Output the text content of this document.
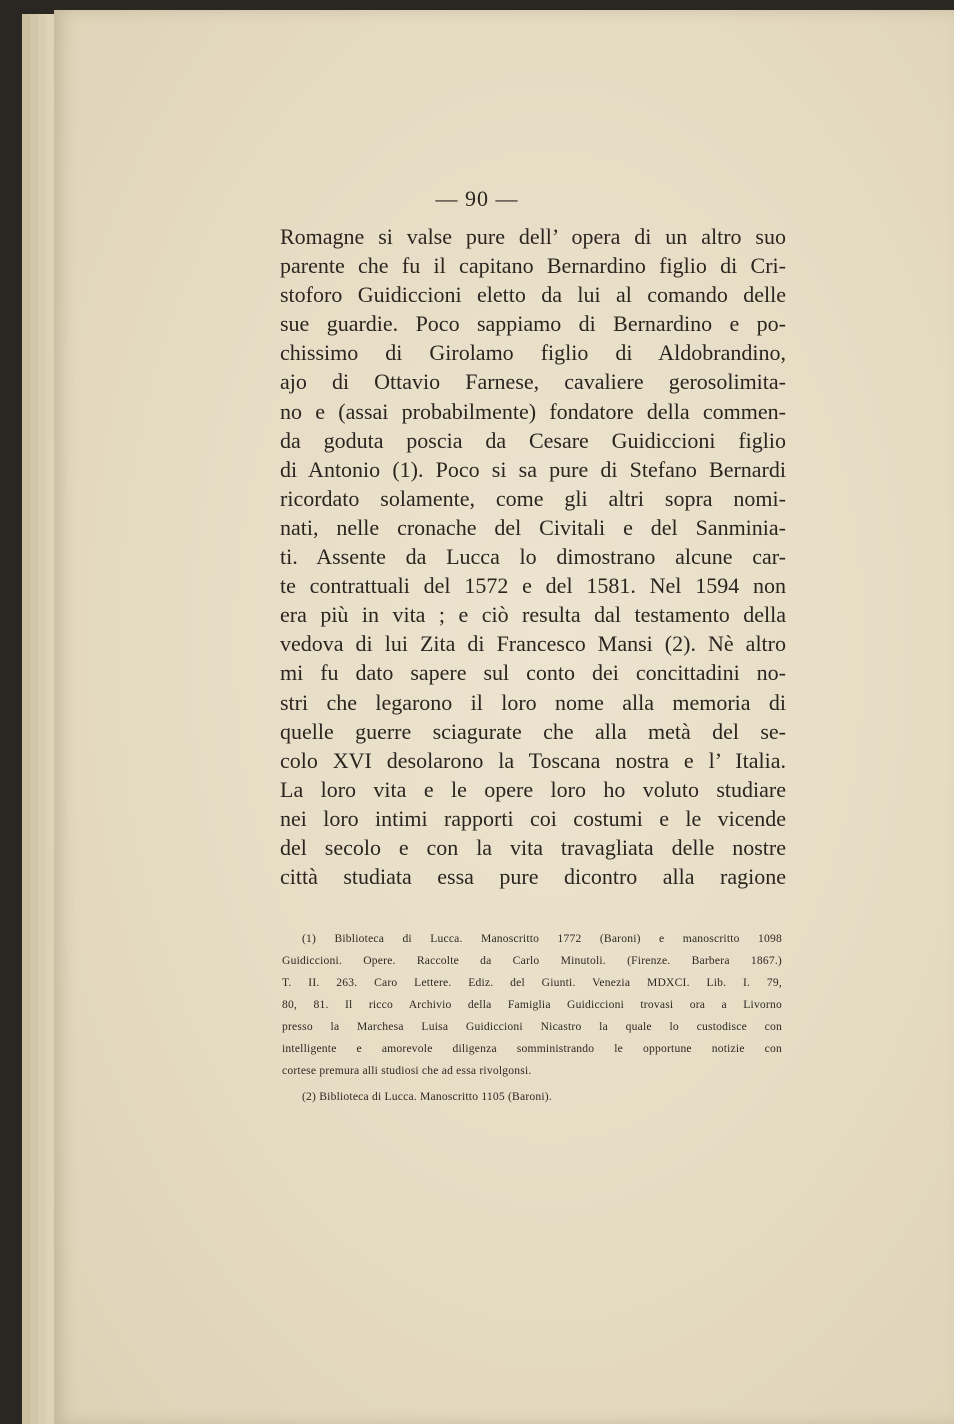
— 90 —
Romagne si valse pure dell’ opera di un altro suo
parente che fu il capitano Bernardino figlio di Cri-
stoforo Guidiccioni eletto da lui al comando delle
sue guardie. Poco sappiamo di Bernardino e po-
chissimo di Girolamo figlio di Aldobrandino,
ajo di Ottavio Farnese, cavaliere gerosolimita-
no e (assai probabilmente) fondatore della commen-
da goduta poscia da Cesare Guidiccioni figlio
di Antonio (1). Poco si sa pure di Stefano Bernardi
ricordato solamente, come gli altri sopra nomi-
nati, nelle cronache del Civitali e del Sanminia-
ti. Assente da Lucca lo dimostrano alcune car-
te contrattuali del 1572 e del 1581. Nel 1594 non
era più in vita ; e ciò resulta dal testamento della
vedova di lui Zita di Francesco Mansi (2). Nè altro
mi fu dato sapere sul conto dei concittadini no-
stri che legarono il loro nome alla memoria di
quelle guerre sciagurate che alla metà del se-
colo XVI desolarono la Toscana nostra e l’ Italia.
La loro vita e le opere loro ho voluto studiare
nei loro intimi rapporti coi costumi e le vicende
del secolo e con la vita travagliata delle nostre
città studiata essa pure dicontro alla ragione
(1) Biblioteca di Lucca. Manoscritto 1772 (Baroni) e manoscritto 1098
Guidiccioni. Opere. Raccolte da Carlo Minutoli. (Firenze. Barbera 1867.)
T. II. 263. Caro Lettere. Ediz. del Giunti. Venezia MDXCI. Lib. I. 79,
80, 81. Il ricco Archivio della Famiglia Guidiccioni trovasi ora a Livorno
presso la Marchesa Luisa Guidiccioni Nicastro la quale lo custodisce con
intelligente e amorevole diligenza somministrando le opportune notizie con
cortese premura alli studiosi che ad essa rivolgonsi.
(2) Biblioteca di Lucca. Manoscritto 1105 (Baroni).
